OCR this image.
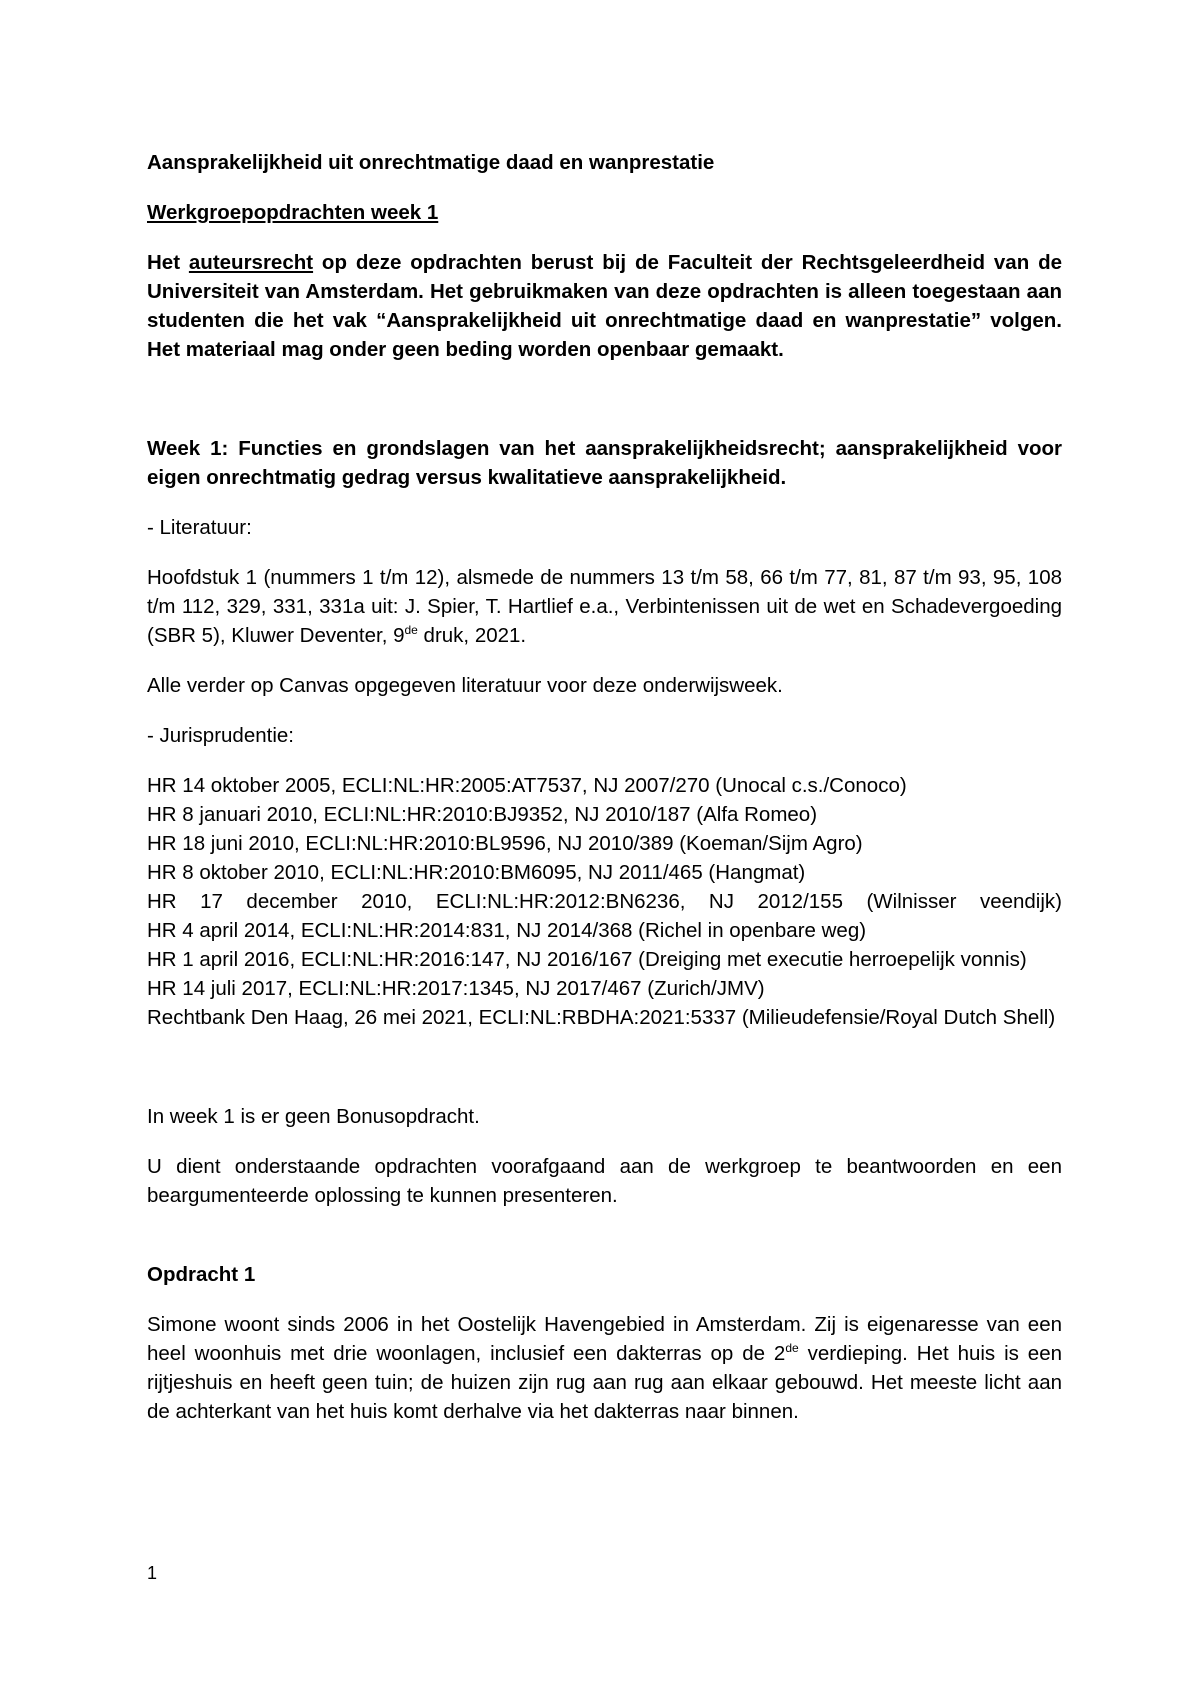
Aansprakelijkheid uit onrechtmatige daad en wanprestatie

Werkgroepopdrachten week 1

Het auteursrecht op deze opdrachten berust bij de Faculteit der Rechtsgeleerdheid van de Universiteit van Amsterdam. Het gebruikmaken van deze opdrachten is alleen toegestaan aan studenten die het vak “Aansprakelijkheid uit onrechtmatige daad en wanprestatie” volgen. Het materiaal mag onder geen beding worden openbaar gemaakt.

Week 1: Functies en grondslagen van het aansprakelijkheidsrecht; aansprakelijkheid voor eigen onrechtmatig gedrag versus kwalitatieve aansprakelijkheid.

- Literatuur:

Hoofdstuk 1 (nummers 1 t/m 12), alsmede de nummers 13 t/m 58, 66 t/m 77, 81, 87 t/m 93, 95, 108 t/m 112, 329, 331, 331a uit: J. Spier, T. Hartlief e.a., Verbintenissen uit de wet en Schadevergoeding (SBR 5), Kluwer Deventer, 9de druk, 2021.

Alle verder op Canvas opgegeven literatuur voor deze onderwijsweek.

- Jurisprudentie:

HR 14 oktober 2005, ECLI:NL:HR:2005:AT7537, NJ 2007/270 (Unocal c.s./Conoco)
HR 8 januari 2010, ECLI:NL:HR:2010:BJ9352, NJ 2010/187 (Alfa Romeo)
HR 18 juni 2010, ECLI:NL:HR:2010:BL9596, NJ 2010/389 (Koeman/Sijm Agro)
HR 8 oktober 2010, ECLI:NL:HR:2010:BM6095, NJ 2011/465 (Hangmat)
HR 17 december 2010, ECLI:NL:HR:2012:BN6236, NJ 2012/155 (Wilnisser veendijk)
HR 4 april 2014, ECLI:NL:HR:2014:831, NJ 2014/368 (Richel in openbare weg)
HR 1 april 2016, ECLI:NL:HR:2016:147, NJ 2016/167 (Dreiging met executie herroepelijk vonnis)
HR 14 juli 2017, ECLI:NL:HR:2017:1345, NJ 2017/467 (Zurich/JMV)
Rechtbank Den Haag, 26 mei 2021, ECLI:NL:RBDHA:2021:5337 (Milieudefensie/Royal Dutch Shell)

In week 1 is er geen Bonusopdracht.

U dient onderstaande opdrachten voorafgaand aan de werkgroep te beantwoorden en een beargumenteerde oplossing te kunnen presenteren.

Opdracht 1

Simone woont sinds 2006 in het Oostelijk Havengebied in Amsterdam. Zij is eigenaresse van een heel woonhuis met drie woonlagen, inclusief een dakterras op de 2de verdieping. Het huis is een rijtjeshuis en heeft geen tuin; de huizen zijn rug aan rug aan elkaar gebouwd. Het meeste licht aan de achterkant van het huis komt derhalve via het dakterras naar binnen.

1
